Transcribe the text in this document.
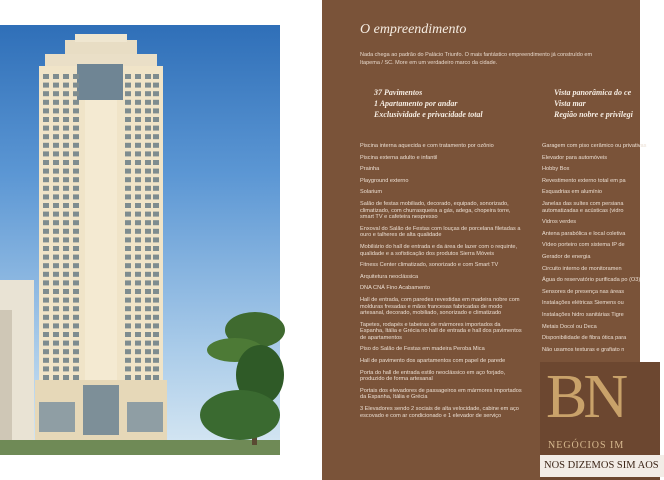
O empreendimento
Nada chega ao padrão do Palácio Triunfo. O mais fantástico empreendimento já construído em Itapema / SC. More em um verdadeiro marco da cidade.
37 Pavimentos
1 Apartamento por andar
Exclusividade e privacidade total
Vista panorâmica do ce
Vista mar
Região nobre e privilegi
Piscina interna aquecida e com tratamento por ozônio
Piscina externa adulto e infantil
Prainha
Playground externo
Solarium
Salão de festas mobiliado, decorado, equipado, sonorizado, climatizado, com churrasqueira a gás, adega, chopeira torre, smart TV e cafeteira nespresso
Enxoval do Salão de Festas com louças de porcelana filetadas a ouro e talheres de alta qualidade
Mobiliário do hall de entrada e da área de lazer com o requinte, qualidade e a sofisticação dos produtos Sierra Móveis
Fitness Center climatizado, sonorizado e com Smart TV
Arquitetura neoclássica
DNA CNÁ Fino Acabamento
Hall de entrada, com paredes revestidas em madeira nobre com molduras fresadas e mãos francesas fabricadas de modo artesanal, decorado, mobiliado, sonorizado e climatizado
Tapetes, rodapés e tabeiras de mármores importados da Espanha, Itália e Grécia no hall de entrada e hall dos pavimentos de apartamentos
Piso do Salão de Festas em madeira Peroba Mica
Hall de pavimento dos apartamentos com papel de parede
Porta do hall de entrada estilo neoclássico em aço forjado, produzido de forma artesanal
Portais dos elevadores de passageiros em mármores importados da Espanha, Itália e Grécia
3 Elevadores sendo 2 sociais de alta velocidade, cabine em aço escovado e com ar condicionado e 1 elevador de serviço
Garagem com piso cerâmico ou privativas
Elevador para automóveis
Hobby Box
Revestimento externo total em pa
Esquadrias em alumínio
Janelas das suítes com persiana automatizadas e acústicas (vidro
Vidros verdes
Antena parabólica e local coletiva
Vídeo porteiro com sistema IP de
Gerador de energia
Circuito interno de monitoramen
Água do reservatório purificada po (O3)
Sensores de presença nas áreas
Instalações elétricas Siemens ou
Instalações hidro sanitárias Tigre
Metais Docol ou Deca
Disponibilidade de fibra ótica para
Não usamos texturas e grafiato n
BN
NEGÓCIOS IM
NOS DIZEMOS SIM AOS
